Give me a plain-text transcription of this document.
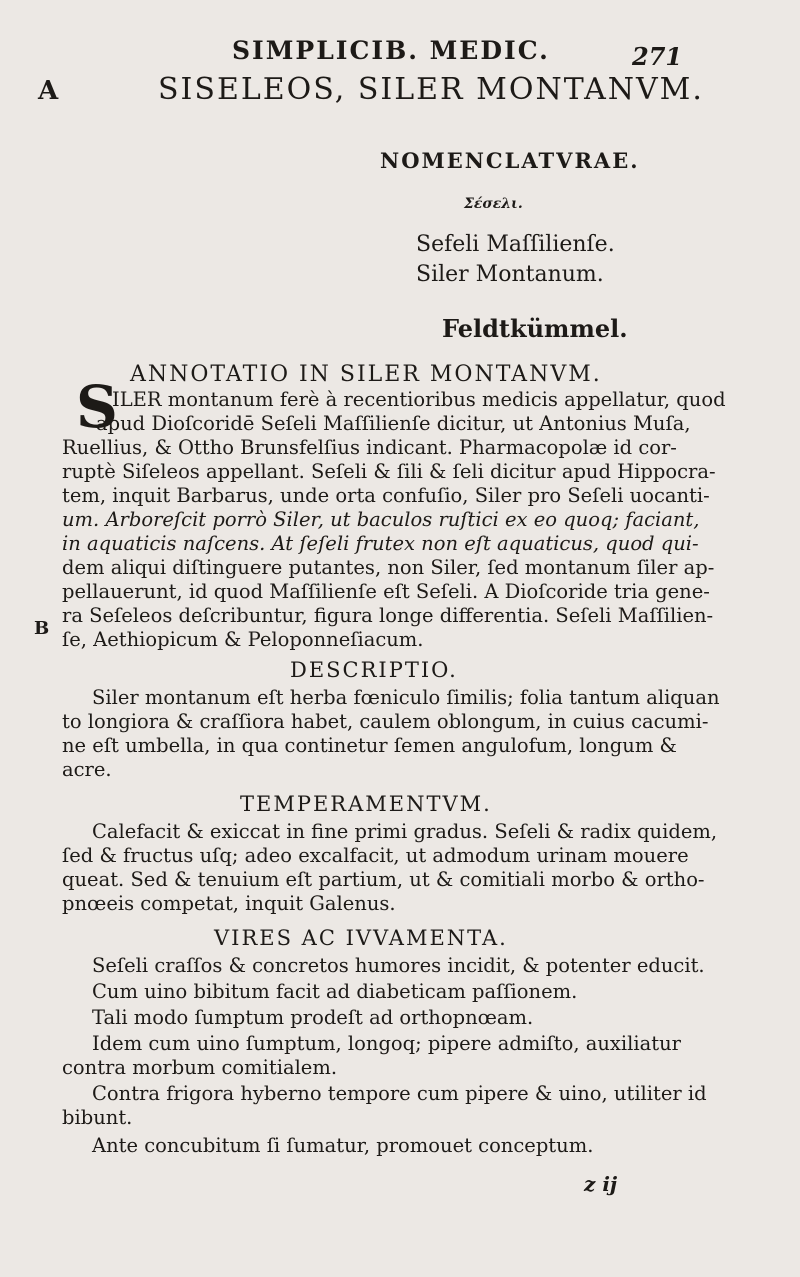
SIMPLICIB. MEDIC.	271
A	SISELEOS, SILER MONTANVM.
NOMENCLATVRAE.
Σέσελι.
Sefeli Maſſilienſe.
Siler Montanum.
Feldtkümmel.
ANNOTATIO IN SILER MONTANVM.
S
ILER montanum ferè à recentioribus medicis appellatur, quod
apud Dioſcoridē Seſeli Maſſilienſe dicitur, ut Antonius Muſa,
Ruellius, & Ottho Brunsfelſius indicant. Pharmacopolæ id cor-
ruptè Siſeleos appellant. Seſeli & ſili & ſeli dicitur apud Hippocra-
tem, inquit Barbarus, unde orta confuſio, Siler pro Seſeli uocanti-
um. Arboreſcit porrò Siler, ut baculos ruſtici ex eo quoq; faciant,
in aquaticis naſcens. At ſeſeli frutex non eſt aquaticus, quod qui-
dem aliqui diſtinguere putantes, non Siler, ſed montanum ſiler ap-
pellauerunt, id quod Maſſilienſe eſt Seſeli. A Dioſcoride tria gene-
B
ra Seſeleos deſcribuntur, figura longe differentia. Seſeli Maſſilien-
ſe, Aethiopicum & Peloponneſiacum.
DESCRIPTIO.
Siler montanum eſt herba fœniculo ſimilis; folia tantum aliquan
to longiora & craſſiora habet, caulem oblongum, in cuius cacumi-
ne eſt umbella, in qua continetur ſemen angulofum, longum &
acre.
TEMPERAMENTVM.
Calefacit & exiccat in fine primi gradus. Seſeli & radix quidem,
ſed & fructus uſq; adeo excalfacit, ut admodum urinam mouere
queat. Sed & tenuium eſt partium, ut & comitiali morbo & ortho-
pnœeis competat, inquit Galenus.
VIRES AC IVVAMENTA.
Seſeli craſſos & concretos humores incidit, & potenter educit.
Cum uino bibitum facit ad diabeticam paſſionem.
Tali modo ſumptum prodeſt ad orthopnœam.
Idem cum uino ſumptum, longoq; pipere admiſto, auxiliatur
contra morbum comitialem.
Contra frigora hyberno tempore cum pipere & uino, utiliter id
bibunt.
Ante concubitum ſi ſumatur, promouet conceptum.
z ij
